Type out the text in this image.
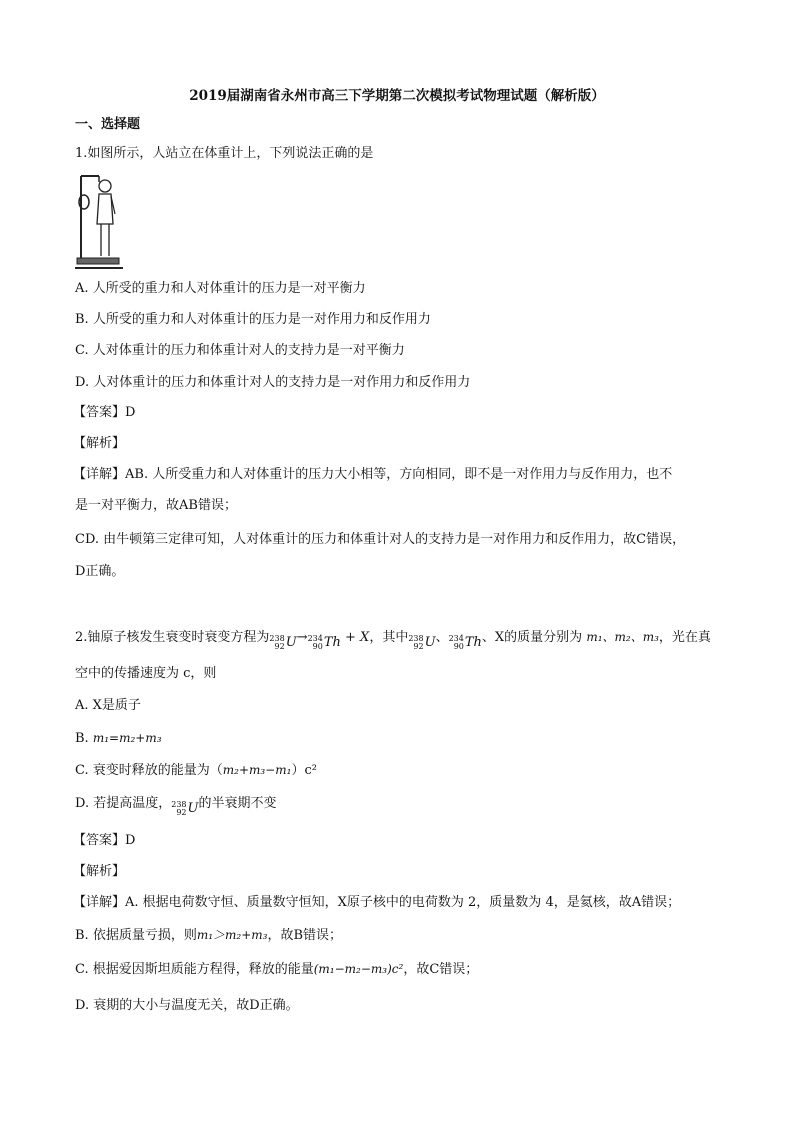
2019届湖南省永州市高三下学期第二次模拟考试物理试题（解析版）
一、选择题
1.如图所示，人站立在体重计上，下列说法正确的是
A. 人所受的重力和人对体重计的压力是一对平衡力
B. 人所受的重力和人对体重计的压力是一对作用力和反作用力
C. 人对体重计的压力和体重计对人的支持力是一对平衡力
D. 人对体重计的压力和体重计对人的支持力是一对作用力和反作用力
【答案】D
【解析】
【详解】AB. 人所受重力和人对体重计的压力大小相等，方向相同，即不是一对作用力与反作用力，也不
是一对平衡力，故AB错误；
CD. 由牛顿第三定律可知，人对体重计的压力和体重计对人的支持力是一对作用力和反作用力，故C错误，
D正确。
2.铀原子核发生衰变时衰变方程为 238
92 U → 234
90 Th + X，其中 238
92 U 、 234
90 Th 、X的质量分别为 m₁、m₂、m₃，光在真
空中的传播速度为 c，则
A. X是质子
B. m₁=m₂+m₃
C. 衰变时释放的能量为（m₂+m₃−m₁）c²
D. 若提高温度， 238
92 U 的半衰期不变
【答案】D
【解析】
【详解】A. 根据电荷数守恒、质量数守恒知，X原子核中的电荷数为 2，质量数为 4，是氦核，故A错误；
B. 依据质量亏损，则m₁＞m₂+m₃，故B错误；
C. 根据爱因斯坦质能方程得，释放的能量(m₁−m₂−m₃)c²，故C错误；
D. 衰期的大小与温度无关，故D正确。
